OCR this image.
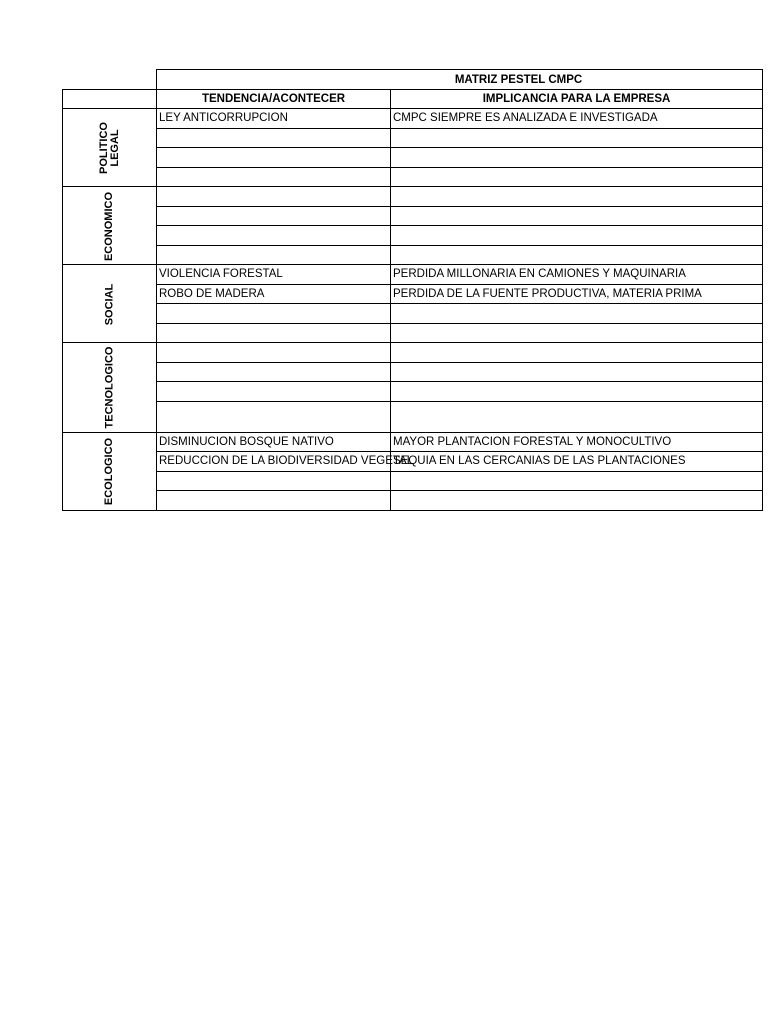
	MATRIZ PESTEL CMPC	
	TENDENCIA/ACONTECER	IMPLICANCIA PARA LA EMPRESA

POLITICO LEGAL	LEY ANTICORRUPCION	CMPC SIEMPRE ES ANALIZADA E INVESTIGADA

ECONOMICO		

SOCIAL	VIOLENCIA FORESTAL	PERDIDA MILLONARIA EN CAMIONES Y MAQUINARIA
	ROBO DE MADERA	PERDIDA DE LA FUENTE PRODUCTIVA, MATERIA PRIMA

TECNOLOGICO		

ECOLOGICO	DISMINUCION BOSQUE NATIVO	MAYOR PLANTACION FORESTAL Y MONOCULTIVO
	REDUCCION DE LA BIODIVERSIDAD VEGETAL	SEQUIA EN LAS CERCANIAS DE LAS PLANTACIONES
